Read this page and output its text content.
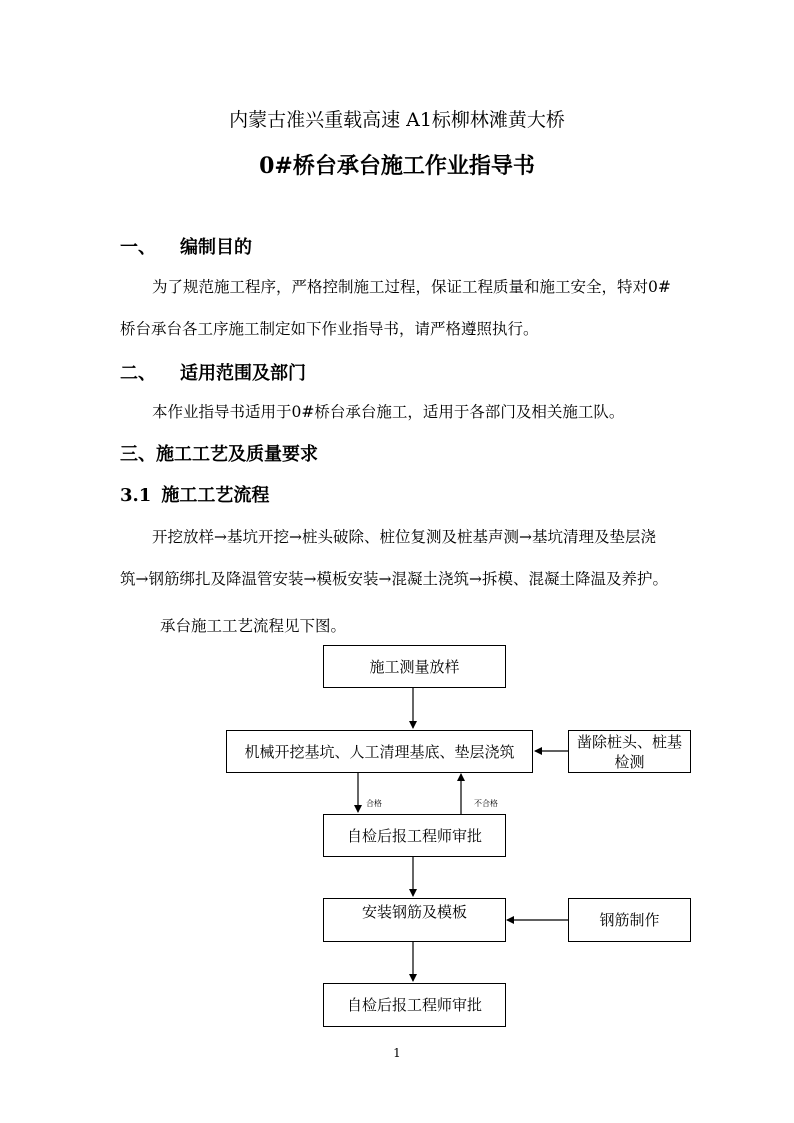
内蒙古准兴重载高速 A1标柳林滩黄大桥
0#桥台承台施工作业指导书
一、 编制目的
为了规范施工程序，严格控制施工过程，保证工程质量和施工安全，特对0#
桥台承台各工序施工制定如下作业指导书，请严格遵照执行。
二、 适用范围及部门
本作业指导书适用于0#桥台承台施工，适用于各部门及相关施工队。
三、施工工艺及质量要求
3.1 施工工艺流程
开挖放样→基坑开挖→桩头破除、桩位复测及桩基声测→基坑清理及垫层浇
筑→钢筋绑扎及降温管安装→模板安装→混凝土浇筑→拆模、混凝土降温及养护。
承台施工工艺流程见下图。
施工测量放样
机械开挖基坑、人工清理基底、垫层浇筑
凿除桩头、桩基检测
自检后报工程师审批
安装钢筋及模板	钢筋制作
自检后报工程师审批
合格	不合格
1
